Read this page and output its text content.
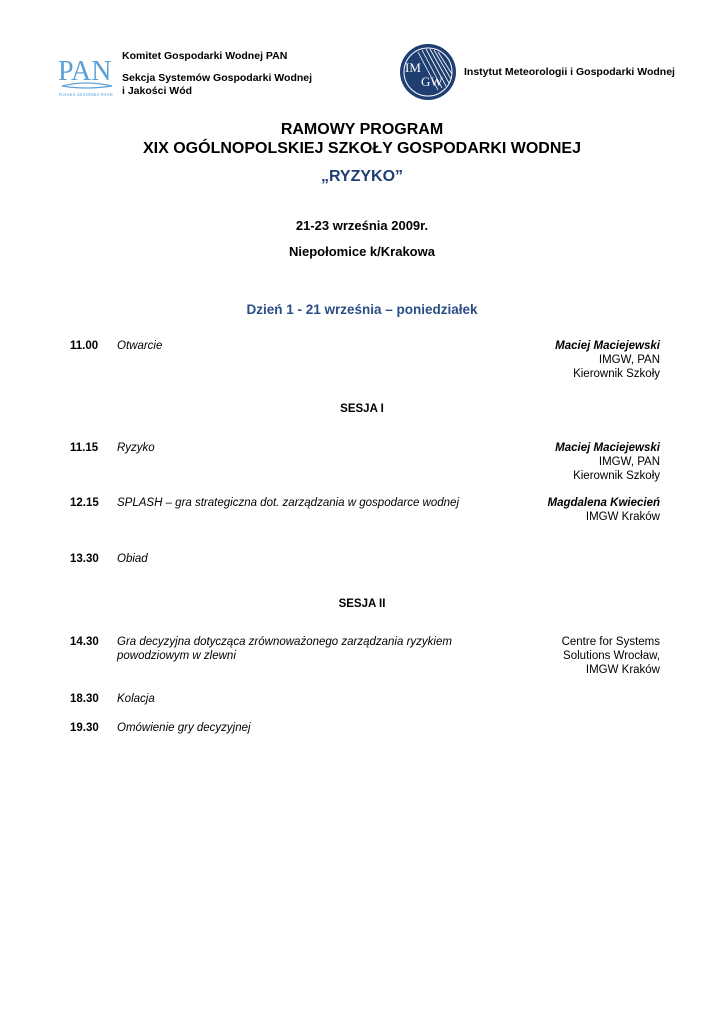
PAN
POLSKA AKADEMIA NAUK
Komitet Gospodarki Wodnej PAN
Sekcja Systemów Gospodarki Wodnej
i Jakości Wód
IM
GW
Instytut Meteorologii i Gospodarki Wodnej
RAMOWY PROGRAM
XIX OGÓLNOPOLSKIEJ SZKOŁY GOSPODARKI WODNEJ
„RYZYKO”
21-23 września 2009r.
Niepołomice k/Krakowa
Dzień 1 - 21 września – poniedziałek
11.00 Otwarcie	Maciej Maciejewski
IMGW, PAN
Kierownik Szkoły
SESJA I
11.15 Ryzyko	Maciej Maciejewski
IMGW, PAN
Kierownik Szkoły
12.15 SPLASH – gra strategiczna dot. zarządzania w gospodarce wodnej	Magdalena Kwiecień
IMGW Kraków
13.30 Obiad
SESJA II
14.30 Gra decyzyjna dotycząca zrównoważonego zarządzania ryzykiem
powodziowym w zlewni
Centre for Systems
Solutions Wrocław,
IMGW Kraków
18.30 Kolacja
19.30 Omówienie gry decyzyjnej
